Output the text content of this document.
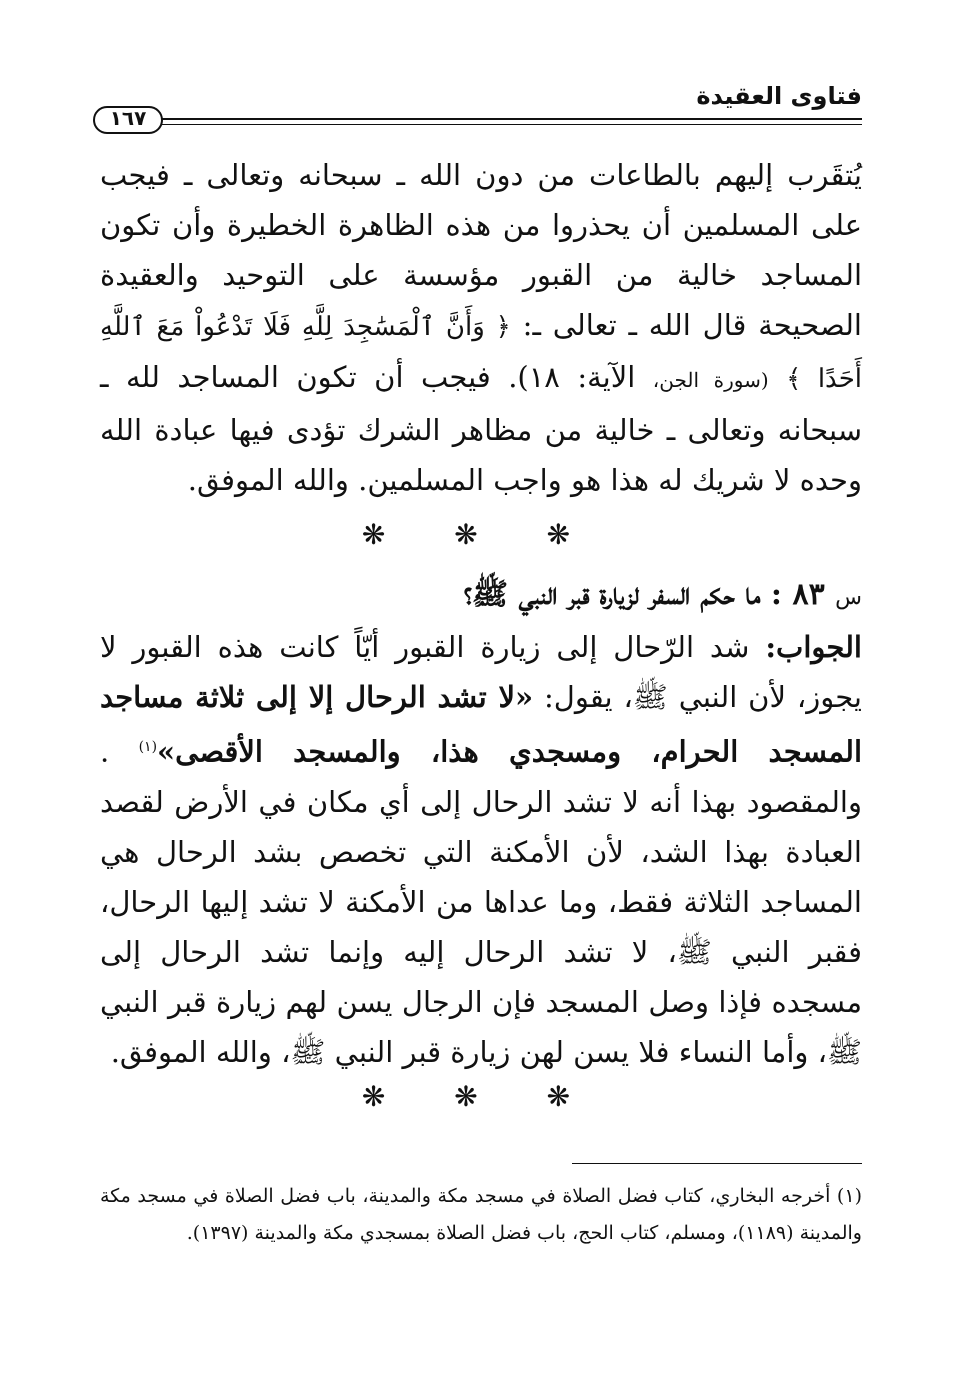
فتاوى العقيدة
١٦٧
يُتقَرب إليهم بالطاعات من دون الله ـ سبحانه وتعالى ـ فيجب على المسلمين أن يحذروا من هذه الظاهرة الخطيرة وأن تكون المساجد خالية من القبور مؤسسة على التوحيد والعقيدة الصحيحة قال الله ـ تعالى ـ: ﴿ وَأَنَّ ٱلْمَسَٰجِدَ لِلَّهِ فَلَا تَدْعُواْ مَعَ ٱللَّهِ أَحَدًا ﴾ (سورة الجن، الآية: ١٨). فيجب أن تكون المساجد لله ـ سبحانه وتعالى ـ خالية من مظاهر الشرك تؤدى فيها عبادة الله وحده لا شريك له هذا هو واجب المسلمين. والله الموفق.
❋ ❋ ❋
س ٨٣ : ما حكم السفر لزيارة قبر النبي ﷺ؟
الجواب: شد الرّحال إلى زيارة القبور أيّاً كانت هذه القبور لا يجوز، لأن النبي ﷺ، يقول: «لا تشد الرحال إلا إلى ثلاثة مساجد المسجد الحرام، ومسجدي هذا، والمسجد الأقصى»$^{(١)}$ . والمقصود بهذا أنه لا تشد الرحال إلى أي مكان في الأرض لقصد العبادة بهذا الشد، لأن الأمكنة التي تخصص بشد الرحال هي المساجد الثلاثة فقط، وما عداها من الأمكنة لا تشد إليها الرحال، فقبر النبي ﷺ، لا تشد الرحال إليه وإنما تشد الرحال إلى مسجده فإذا وصل المسجد فإن الرجال يسن لهم زيارة قبر النبي ﷺ، وأما النساء فلا يسن لهن زيارة قبر النبي ﷺ، والله الموفق.
❋ ❋ ❋
(١) أخرجه البخاري، كتاب فضل الصلاة في مسجد مكة والمدينة، باب فضل الصلاة في مسجد مكة والمدينة (١١٨٩)، ومسلم، كتاب الحج، باب فضل الصلاة بمسجدي مكة والمدينة (١٣٩٧).
